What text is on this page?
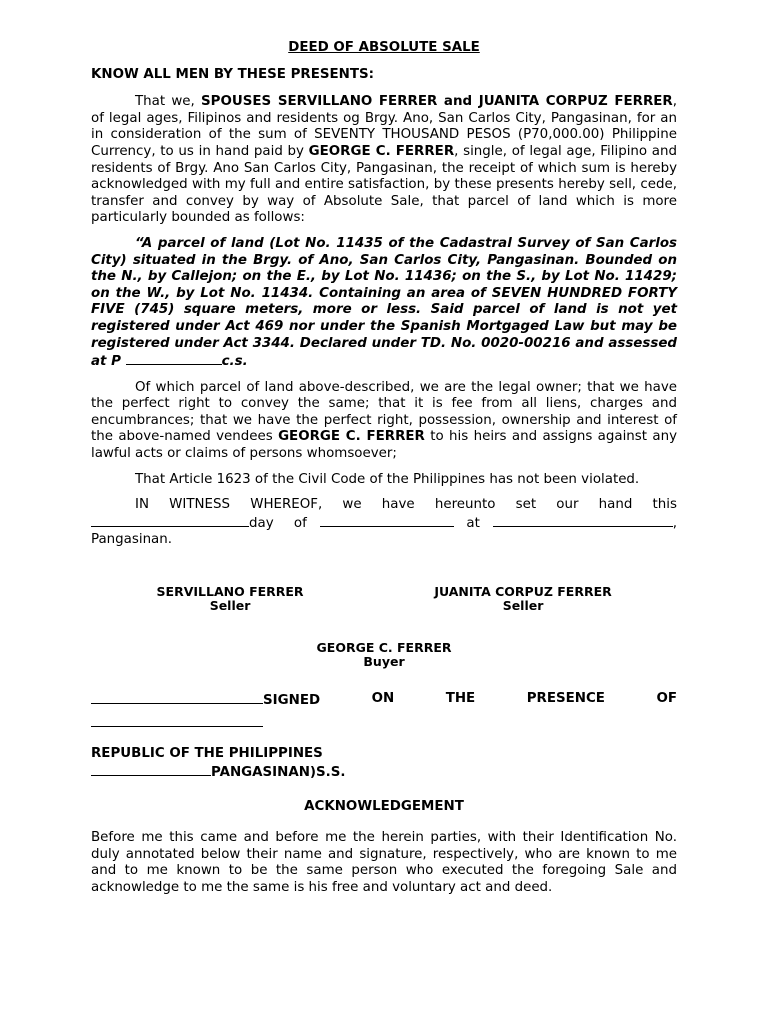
DEED OF ABSOLUTE SALE
KNOW ALL MEN BY THESE PRESENTS:

That we, SPOUSES SERVILLANO FERRER and JUANITA CORPUZ FERRER, of legal ages, Filipinos and residents og Brgy. Ano, San Carlos City, Pangasinan, for an in consideration of the sum of SEVENTY THOUSAND PESOS (P70,000.00) Philippine Currency, to us in hand paid by GEORGE C. FERRER, single, of legal age, Filipino and residents of Brgy. Ano San Carlos City, Pangasinan, the receipt of which sum is hereby acknowledged with my full and entire satisfaction, by these presents hereby sell, cede, transfer and convey by way of Absolute Sale, that parcel of land which is more particularly bounded as follows:

“A parcel of land (Lot No. 11435 of the Cadastral Survey of San Carlos City) situated in the Brgy. of Ano, San Carlos City, Pangasinan. Bounded on the N., by Callejon; on the E., by Lot No. 11436; on the S., by Lot No. 11429; on the W., by Lot No. 11434. Containing an area of SEVEN HUNDRED FORTY FIVE (745) square meters, more or less. Said parcel of land is not yet registered under Act 469 nor under the Spanish Mortgaged Law but may be registered under Act 3344. Declared under TD. No. 0020-00216 and assessed at P	c.s.

Of which parcel of land above-described, we are the legal owner; that we have the perfect right to convey the same; that it is fee from all liens, charges and encumbrances; that we have the perfect right, possession, ownership and interest of the above-named vendees GEORGE C. FERRER to his heirs and assigns against any lawful acts or claims of persons whomsoever;

That Article 1623 of the Civil Code of the Philippines has not been violated.

IN WITNESS WHEREOF, we have hereunto set our hand this
day of	at	,
Pangasinan.
SERVILLANO FERRER
Seller
JUANITA CORPUZ FERRER
Seller
GEORGE C. FERRER
Buyer
SIGNED	ON	THE	PRESENCE	OF
REPUBLIC OF THE PHILIPPINES
PANGASINAN)S.S.
ACKNOWLEDGEMENT

Before me this came and before me the herein parties, with their Identification No. duly annotated below their name and signature, respectively, who are known to me and to me known to be the same person who executed the foregoing Sale and acknowledge to me the same is his free and voluntary act and deed.
